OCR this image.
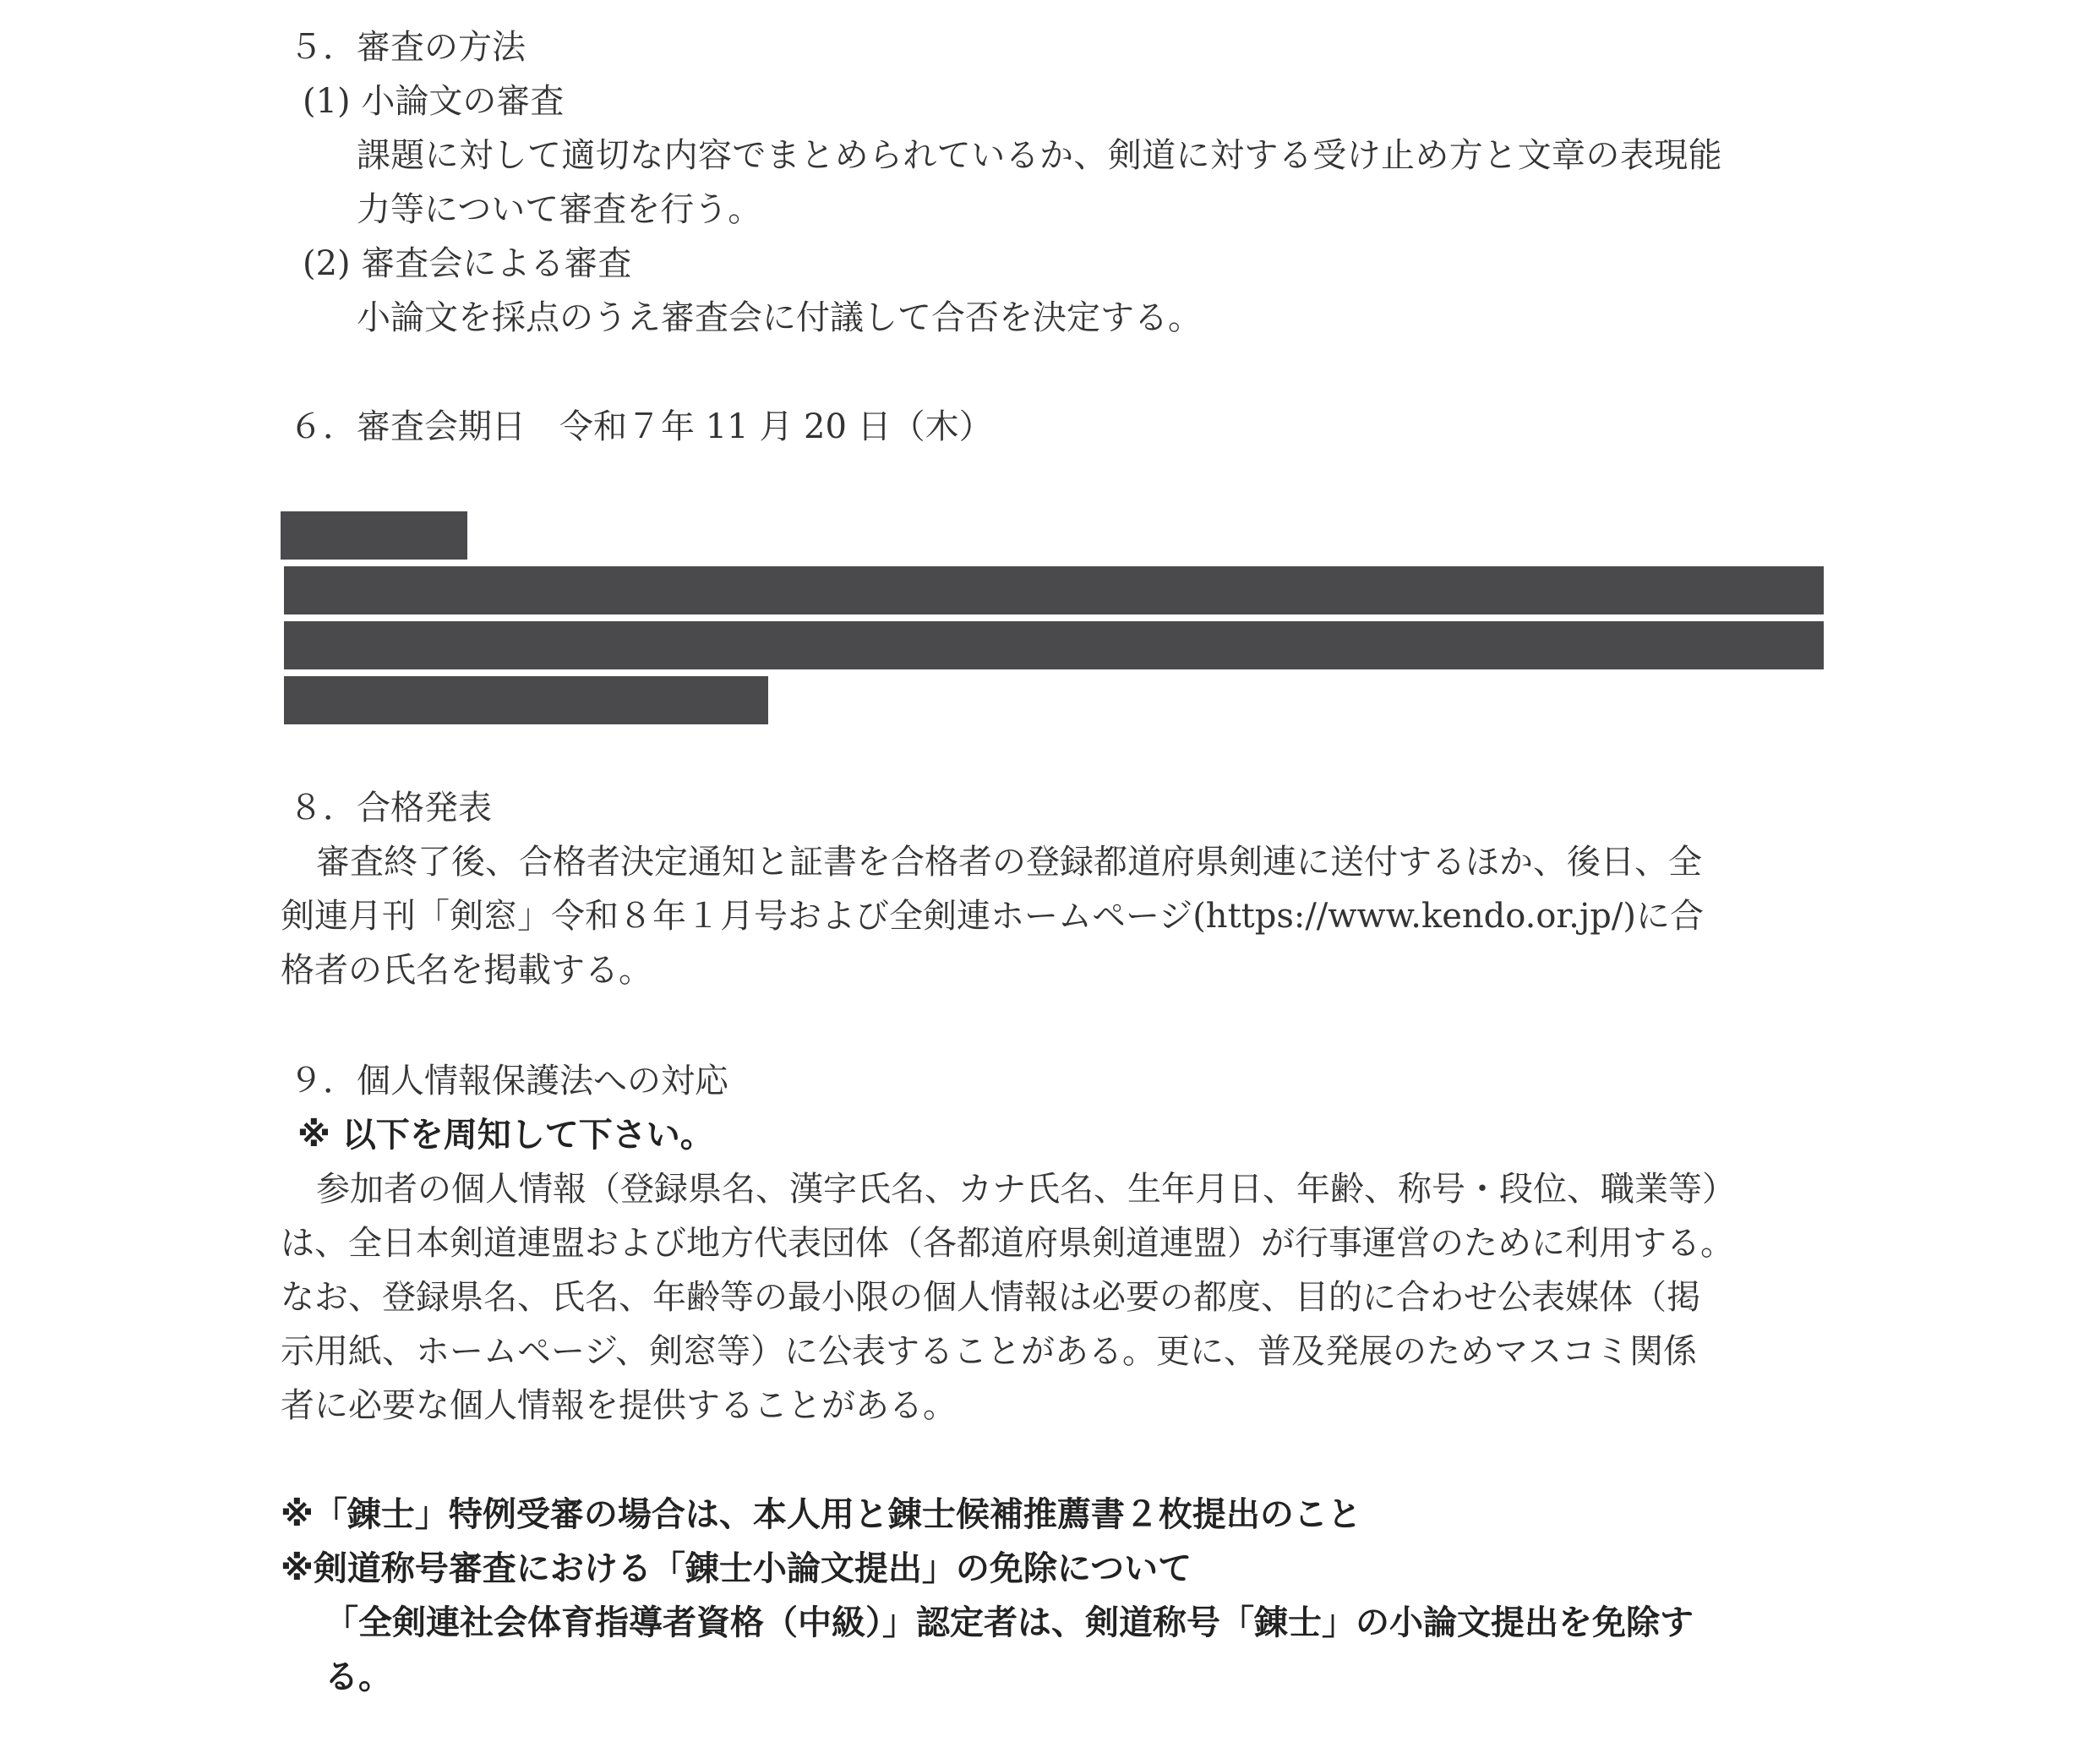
５．審査の方法
(1) 小論文の審査
課題に対して適切な内容でまとめられているか、剣道に対する受け止め方と文章の表現能
力等について審査を行う。
(2) 審査会による審査
小論文を採点のうえ審査会に付議して合否を決定する。
６．審査会期日　令和７年 11 月 20 日（木）
８．合格発表
審査終了後、合格者決定通知と証書を合格者の登録都道府県剣連に送付するほか、後日、全
剣連月刊「剣窓」令和８年１月号および全剣連ホームページ(https://www.kendo.or.jp/)に合
格者の氏名を掲載する。
９．個人情報保護法への対応
※ 以下を周知して下さい。
参加者の個人情報（登録県名、漢字氏名、カナ氏名、生年月日、年齢、称号・段位、職業等）
は、全日本剣道連盟および地方代表団体（各都道府県剣道連盟）が行事運営のために利用する。
なお、登録県名、氏名、年齢等の最小限の個人情報は必要の都度、目的に合わせ公表媒体（掲
示用紙、ホームページ、剣窓等）に公表することがある。更に、普及発展のためマスコミ関係
者に必要な個人情報を提供することがある。
※「錬士」特例受審の場合は、本人用と錬士候補推薦書２枚提出のこと
※剣道称号審査における「錬士小論文提出」の免除について
「全剣連社会体育指導者資格（中級）」認定者は、剣道称号「錬士」の小論文提出を免除す
る。
